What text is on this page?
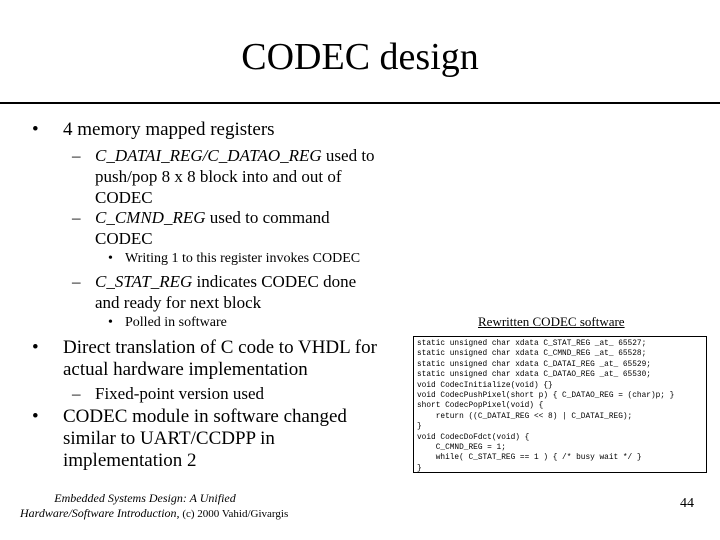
CODEC design
• 4 memory mapped registers
– C_DATAI_REG/C_DATAO_REG used to
push/pop 8 x 8 block into and out of
CODEC
– C_CMND_REG used to command
CODEC
• Writing 1 to this register invokes CODEC
– C_STAT_REG indicates CODEC done
and ready for next block
• Polled in software
• Direct translation of C code to VHDL for
actual hardware implementation
– Fixed-point version used
• CODEC module in software changed
similar to UART/CCDPP in
implementation 2
Rewritten CODEC software
static unsigned char xdata C_STAT_REG _at_ 65527;
static unsigned char xdata C_CMND_REG _at_ 65528;
static unsigned char xdata C_DATAI_REG _at_ 65529;
static unsigned char xdata C_DATAO_REG _at_ 65530;
void CodecInitialize(void) {}
void CodecPushPixel(short p) { C_DATAO_REG = (char)p; }
short CodecPopPixel(void) {
return ((C_DATAI_REG << 8) | C_DATAI_REG);
}
void CodecDoFdct(void) {
C_CMND_REG = 1;
while( C_STAT_REG == 1 ) { /* busy wait */ }
}
Embedded Systems Design: A Unified
Hardware/Software Introduction, (c) 2000 Vahid/Givargis
44
